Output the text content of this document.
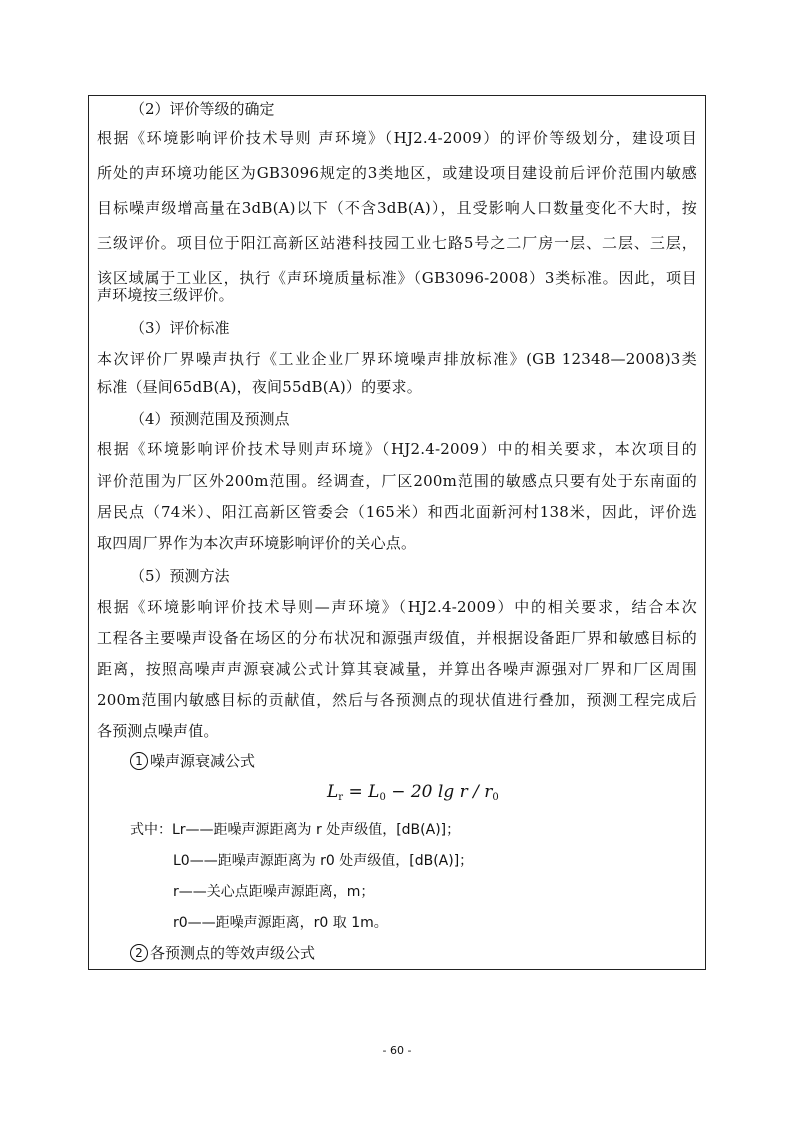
（2）评价等级的确定
根据《环境影响评价技术导则 声环境》（HJ2.4-2009）的评价等级划分，建设项目
所处的声环境功能区为GB3096规定的3类地区，或建设项目建设前后评价范围内敏感
目标噪声级增高量在3dB(A)以下（不含3dB(A)），且受影响人口数量变化不大时，按
三级评价。项目位于阳江高新区站港科技园工业七路5号之二厂房一层、二层、三层，
该区域属于工业区，执行《声环境质量标准》（GB3096-2008）3类标准。因此，项目
声环境按三级评价。
（3）评价标准
本次评价厂界噪声执行《工业企业厂界环境噪声排放标准》(GB 12348—2008)3类
标准（昼间65dB(A)，夜间55dB(A)）的要求。
（4）预测范围及预测点
根据《环境影响评价技术导则声环境》（HJ2.4-2009）中的相关要求，本次项目的
评价范围为厂区外200m范围。经调查，厂区200m范围的敏感点只要有处于东南面的
居民点（74米）、阳江高新区管委会（165米）和西北面新河村138米，因此，评价选
取四周厂界作为本次声环境影响评价的关心点。
（5）预测方法
根据《环境影响评价技术导则—声环境》（HJ2.4-2009）中的相关要求，结合本次
工程各主要噪声设备在场区的分布状况和源强声级值，并根据设备距厂界和敏感目标的
距离，按照高噪声声源衰减公式计算其衰减量，并算出各噪声源强对厂界和厂区周围
200m范围内敏感目标的贡献值，然后与各预测点的现状值进行叠加，预测工程完成后
各预测点噪声值。
1 噪声源衰减公式
$L_r = L_0 - 20$ lg r / $r_0$
式中：Lr——距噪声源距离为 r 处声级值，[dB(A)]；
L0——距噪声源距离为 r0 处声级值，[dB(A)]；
r——关心点距噪声源距离，m；
r0——距噪声源距离，r0 取 1m。
2 各预测点的等效声级公式
- 60 -
